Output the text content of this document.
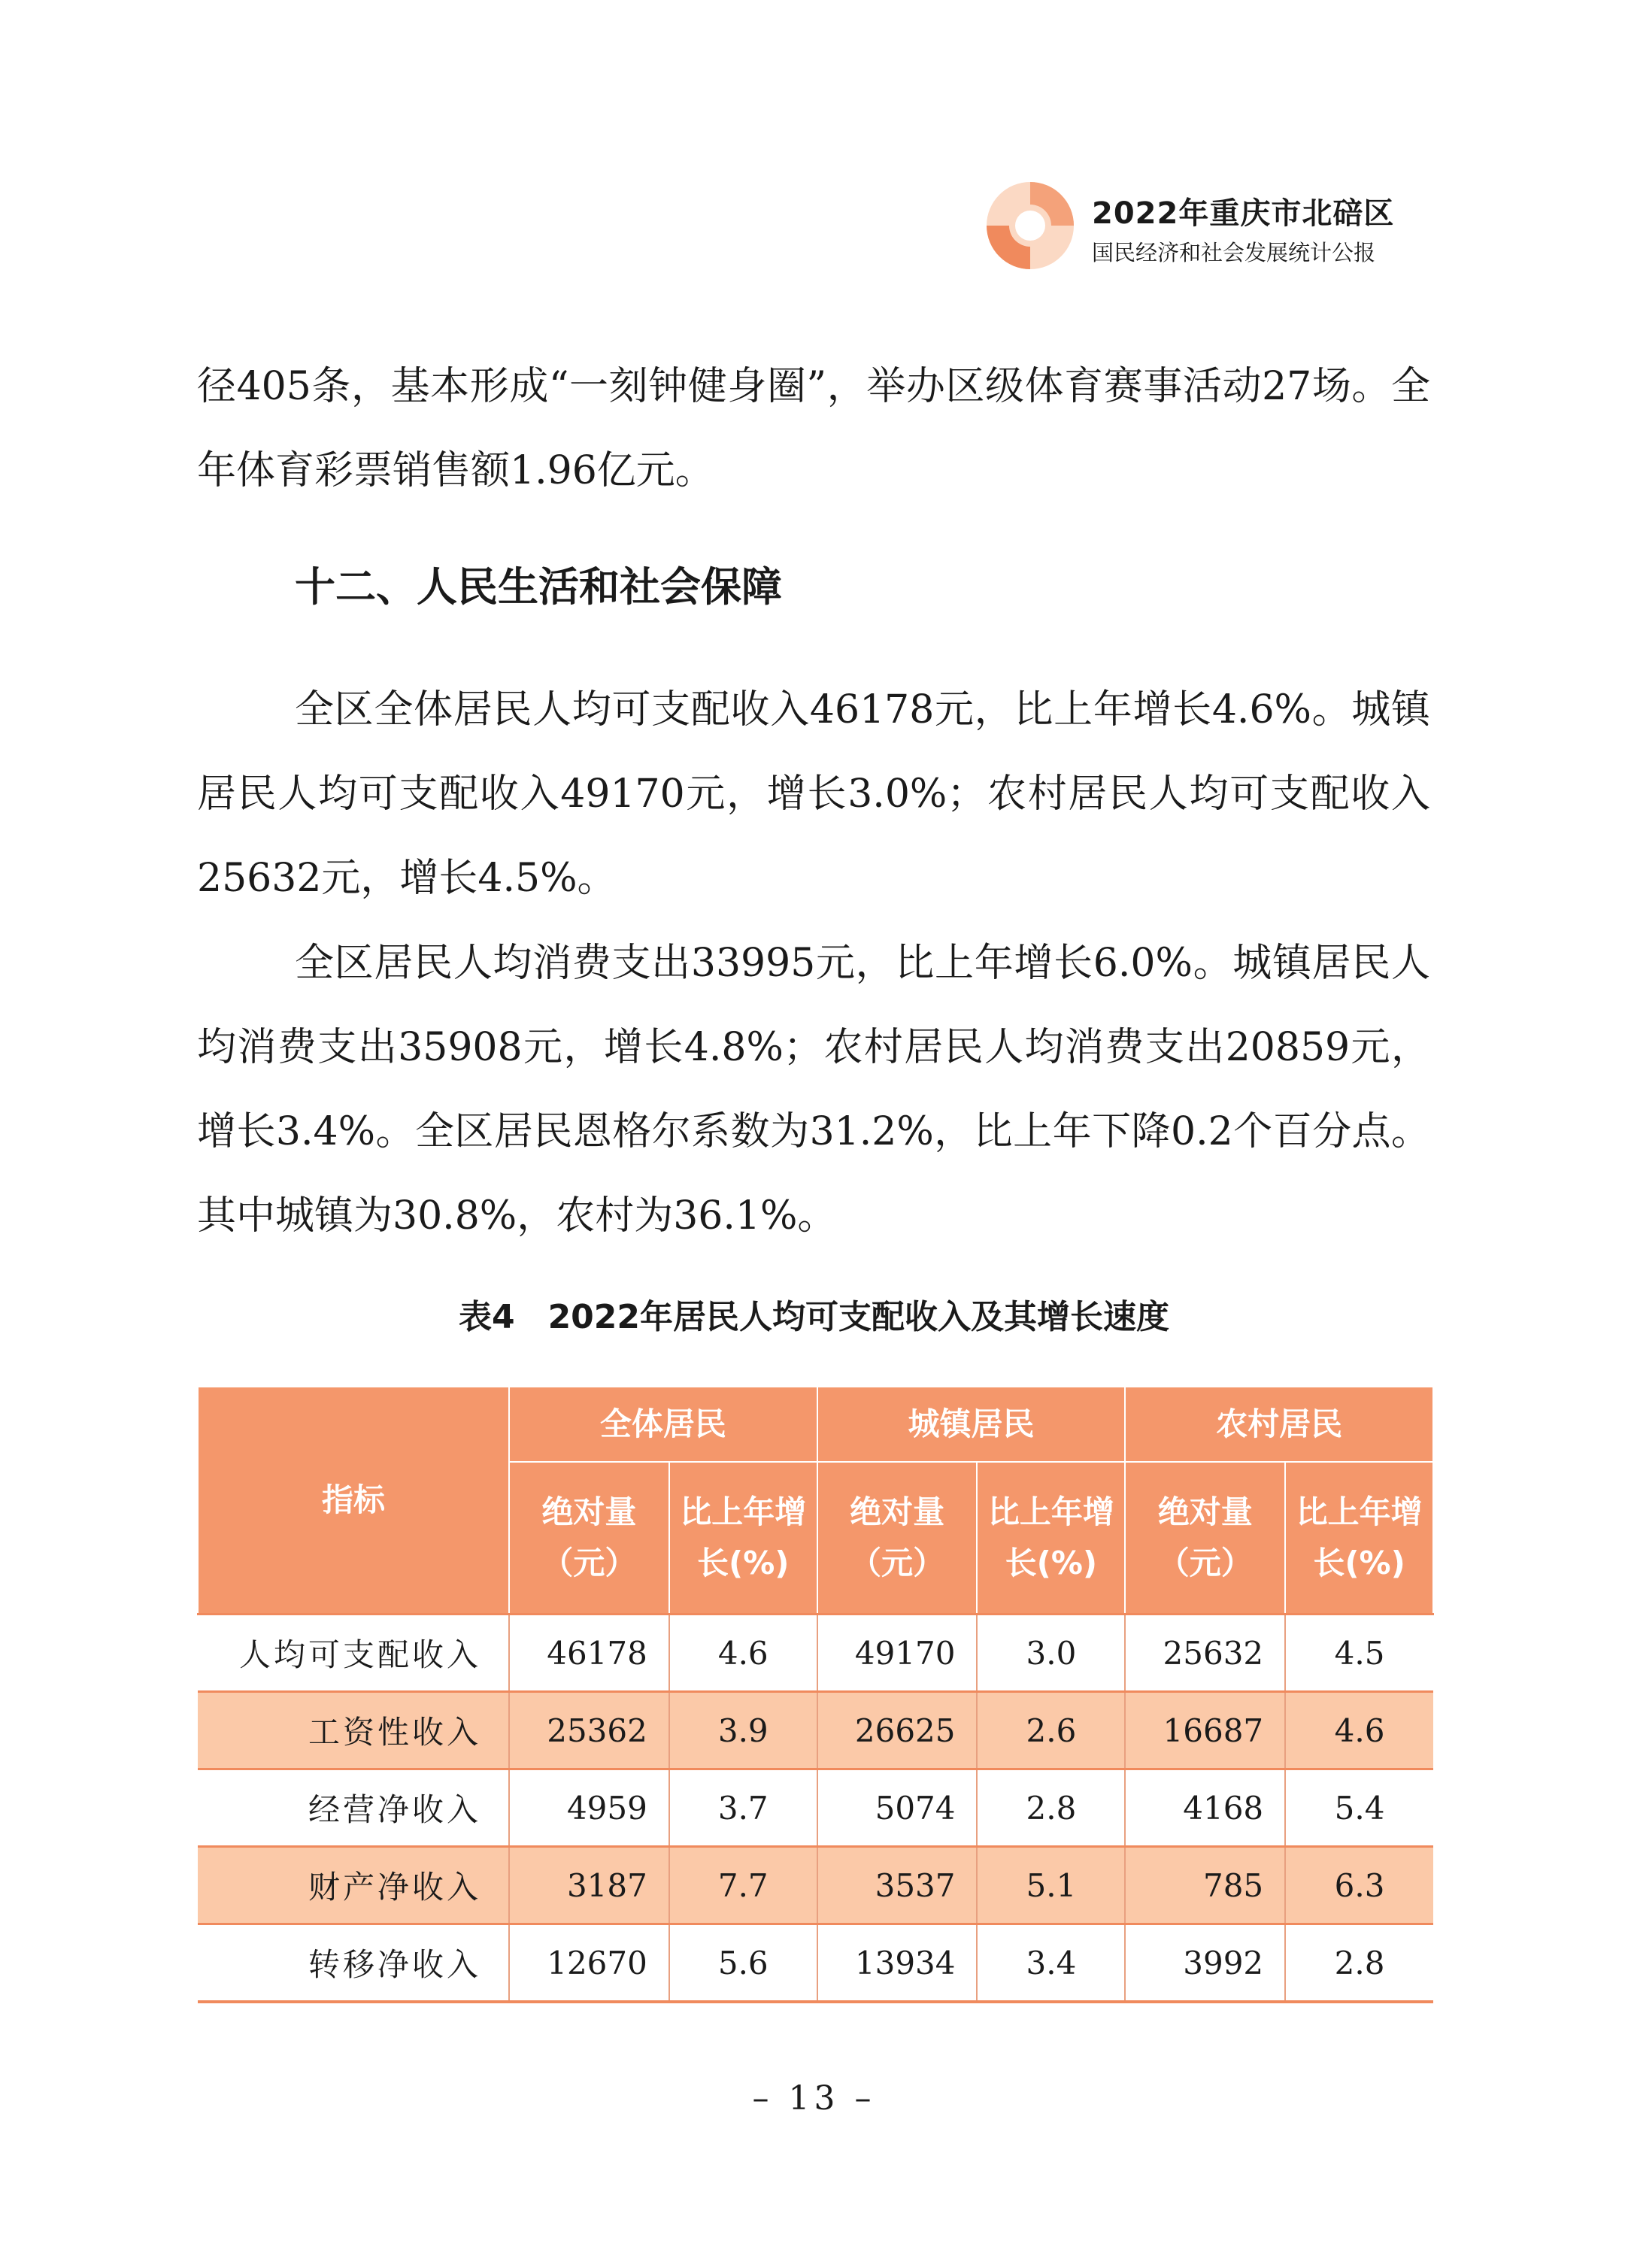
2022年重庆市北碚区
国民经济和社会发展统计公报

径405条，基本形成“一刻钟健身圈”，举办区级体育赛事活动27场。全年体育彩票销售额1.96亿元。

十二、人民生活和社会保障

全区全体居民人均可支配收入46178元，比上年增长4.6%。城镇居民人均可支配收入49170元，增长3.0%；农村居民人均可支配收入25632元，增长4.5%。

全区居民人均消费支出33995元，比上年增长6.0%。城镇居民人均消费支出35908元，增长4.8%；农村居民人均消费支出20859元，增长3.4%。全区居民恩格尔系数为31.2%，比上年下降0.2个百分点。其中城镇为30.8%，农村为36.1%。

表4　2022年居民人均可支配收入及其增长速度
指标	全体居民		城镇居民		农村居民	
	绝对量（元）	比上年增长(%)	绝对量（元）	比上年增长(%)	绝对量（元）	比上年增长(%)
人均可支配收入	46178	4.6	49170	3.0	25632	4.5
工资性收入	25362	3.9	26625	2.6	16687	4.6
经营净收入	4959	3.7	5074	2.8	4168	5.4
财产净收入	3187	7.7	3537	5.1	785	6.3
转移净收入	12670	5.6	13934	3.4	3992	2.8
– 13 –
